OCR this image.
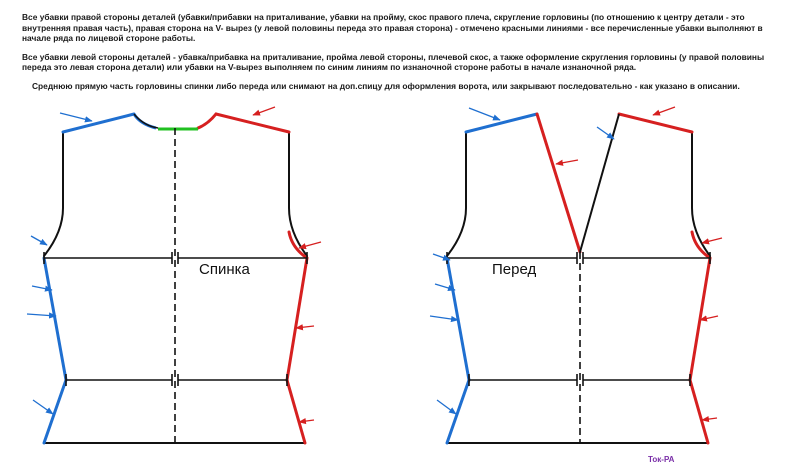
Все убавки правой стороны деталей (убавки/прибавки на приталивание, убавки на пройму, скос правого плеча, скругление горловины (по отношению к центру детали - это внутренняя правая часть), правая сторона на V- вырез (у левой половины переда это правая сторона) - отмечено красными линиями - все перечисленные убавки выполняют в начале ряда по лицевой стороне работы.

Все убавки левой стороны деталей - убавка/прибавка на приталивание, пройма левой стороны, плечевой скос, а также оформление скругления горловины (у правой половины переда это левая сторона детали) или убавки на V-вырез выполняем по синим линиям по изнаночной стороне работы в начале изнаночной ряда.

Среднюю прямую часть горловины спинки либо переда или снимают на доп.спицу для оформления ворота, или закрывают последовательно - как указано в описании.

Спинка	Перед
Ток-РА
